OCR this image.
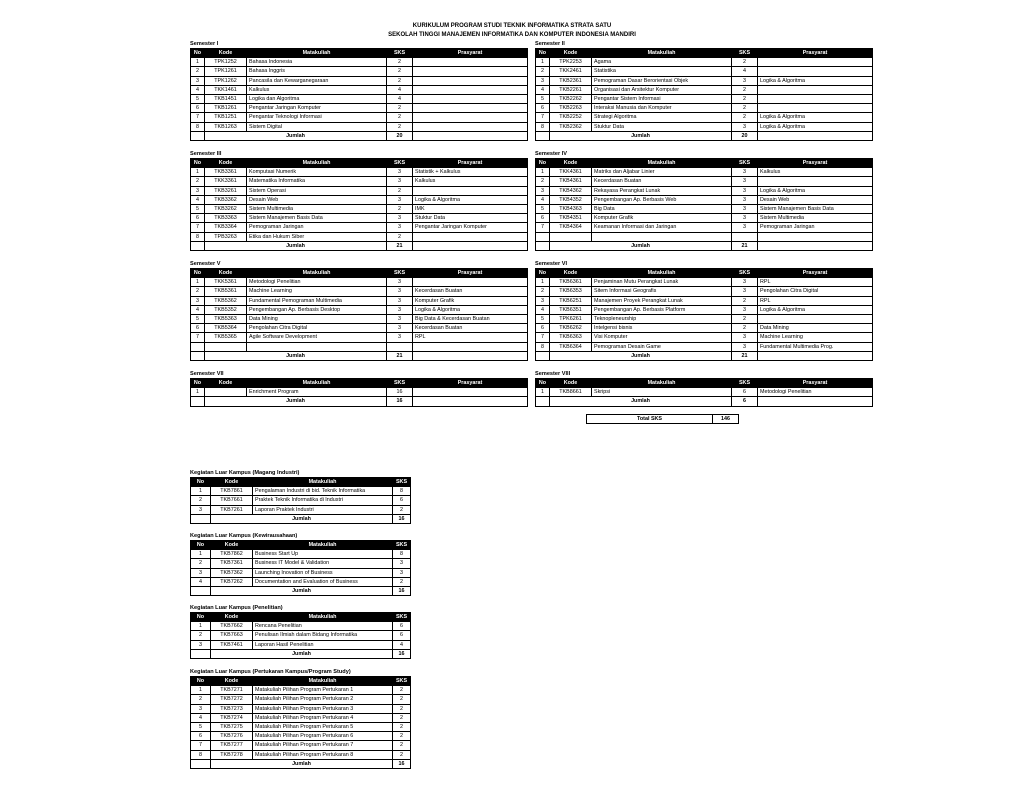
KURIKULUM PROGRAM STUDI TEKNIK INFORMATIKA STRATA SATU
SEKOLAH TINGGI MANAJEMEN INFORMATIKA DAN KOMPUTER INDONESIA MANDIRI
Semester I
No	Kode	Matakuliah	SKS	Prasyarat
1	TPK1252	Bahasa Indonesia	2	
2	TPK1261	Bahasa Inggris	2	
3	TPK1262	Pancasila dan Kewarganegaraan	2	
4	TKK1461	Kalkulus	4	
5	TKB1451	Logika dan Algoritma	4	
6	TKB1261	Pengantar Jaringan Komputer	2	
7	TKB1251	Pengantar Teknologi Informasi	2	
8	TKB1263	Sistem Digital	2	
	Jumlah		20	
Semester II
No	Kode	Matakuliah	SKS	Prasyarat
1	TPK2253	Agama	2	
2	TKK2461	Statistika	4	
3	TKB2361	Pemograman Dasar Berorientasi Objek	3	Logika & Algoritma
4	TKB2261	Organisasi dan Arsitektur Komputer	2	
5	TKB2262	Pengantar Sistem Informasi	2	
6	TKB2263	Interaksi Manusia dan Komputer	2	
7	TKB2252	Strategi Algoritma	2	Logika & Algoritma
8	TKB2362	Stuktur Data	3	Logika & Algoritma
	Jumlah		20	
Semester III
No	Kode	Matakuliah	SKS	Prasyarat
1	TKB3361	Komputasi Numerik	3	Statistik + Kalkulus
2	TKK3361	Matematika Informatika	3	Kalkulus
3	TKB3261	Sistem Operasi	2	
4	TKB3362	Desain Web	3	Logika & Algoritma
5	TKB3262	Sistem Multimedia	2	IMK
6	TKB3363	Sistem Manajemen Basis Data	3	Stuktur Data
7	TKB3364	Pemograman Jaringan	3	Pengantar Jaringan Komputer
8	TPB3263	Etika dan Hukum Siber	2	
	Jumlah		21	
Semester IV
No	Kode	Matakuliah	SKS	Prasyarat
1	TKK4361	Matriks dan Aljabar Linier	3	Kalkulus
2	TKB4361	Kecerdasan Buatan	3	
3	TKB4362	Rekayasa Perangkat Lunak	3	Logika & Algoritma
4	TKB4352	Pengembangan Ap. Berbasis Web	3	Desain Web
5	TKB4363	Big Data	3	Sistem Manajemen Basis Data
6	TKB4351	Komputer Grafik	3	Sistem Multimedia
7	TKB4364	Keamanan Informasi dan Jaringan	3	Pemograman Jaringan

	Jumlah		21	
Semester V
No	Kode	Matakuliah	SKS	Prasyarat
1	TKK5361	Metodologi Penelitian	3	
2	TKB5361	Machine Learning	3	Kecerdasan Buatan
3	TKB5362	Fundamental Pemograman Multimedia	3	Komputer Grafik
4	TKB5352	Pengembangan Ap. Berbasis Desktop	3	Logika & Algoritma
5	TKB5363	Data Mining	3	Big Data & Kecerdasan Buatan
6	TKB5364	Pengolahan Citra Digital	3	Kecerdasan Buatan
7	TKB5365	Agile Software Development	3	RPL

	Jumlah		21	
Semester VI
No	Kode	Matakuliah	SKS	Prasyarat
1	TKB6361	Penjaminan Mutu Perangkat Lunak	3	RPL
2	TKB6353	Sitem Informasi Geografis	3	Pengolahan Citra Digital
3	TKB6251	Manajemen Proyek Perangkat Lunak	2	RPL
4	TKB6351	Pengembangan Ap. Berbasis Platform	3	Logika & Algoritma
5	TPK6261	Teknopleneurship	2	
6	TKB6262	Intelgensi bisnis	2	Data Mining
7	TKB6363	Visi Komputer	3	Machine Learning
8	TKB6364	Pemograman Desain Game	3	Fundamental Multimedia Prog.
	Jumlah		21	
Semester VII
No	Kode	Matakuliah	SKS	Prasyarat
1		Enrichment Program	16	
	Jumlah		16	
Semester VIII
No	Kode	Matakuliah	SKS	Prasyarat
1	TKB8661	Skripsi	6	Metodologi Penelitian
	Jumlah		6	
Total SKS	146
Kegiatan Luar Kampus (Magang Industri)
No	Kode	Matakuliah	SKS
1	TKB7861	Pengalaman Industri di bid. Teknik Informatika	8
2	TKB7661	Praktek Teknik Informatika di Industri	6
3	TKB7261	Laporan Praktek Industri	2
	Jumlah		16
Kegiatan Luar Kampus (Kewirausahaan)
No	Kode	Matakuliah	SKS
1	TKB7862	Business Start Up	8
2	TKB7361	Business IT Model & Validation	3
3	TKB7362	Launching Inovation of Business	3
4	TKB7262	Documentation and Evaluation of Business	2
	Jumlah		16
Kegiatan Luar Kampus (Penelitian)
No	Kode	Matakuliah	SKS
1	TKB7662	Rencana Penelitian	6
2	TKB7663	Penulisan Ilmiah dalam Bidang Informatika	6
3	TKB7461	Laporan Hasil Penelitian	4
	Jumlah		16
Kegiatan Luar Kampus (Pertukaran Kampus/Program Study)
No	Kode	Matakuliah	SKS
1	TKB7271	Matakuliah Pilihan Program Pertukaran 1	2
2	TKB7272	Matakuliah Pilihan Program Pertukaran 2	2
3	TKB7273	Matakuliah Pilihan Program Pertukaran 3	2
4	TKB7274	Matakuliah Pilihan Program Pertukaran 4	2
5	TKB7275	Matakuliah Pilihan Program Pertukaran 5	2
6	TKB7276	Matakuliah Pilihan Program Pertukaran 6	2
7	TKB7277	Matakuliah Pilihan Program Pertukaran 7	2
8	TKB7278	Matakuliah Pilihan Program Pertukaran 8	2
	Jumlah		16
